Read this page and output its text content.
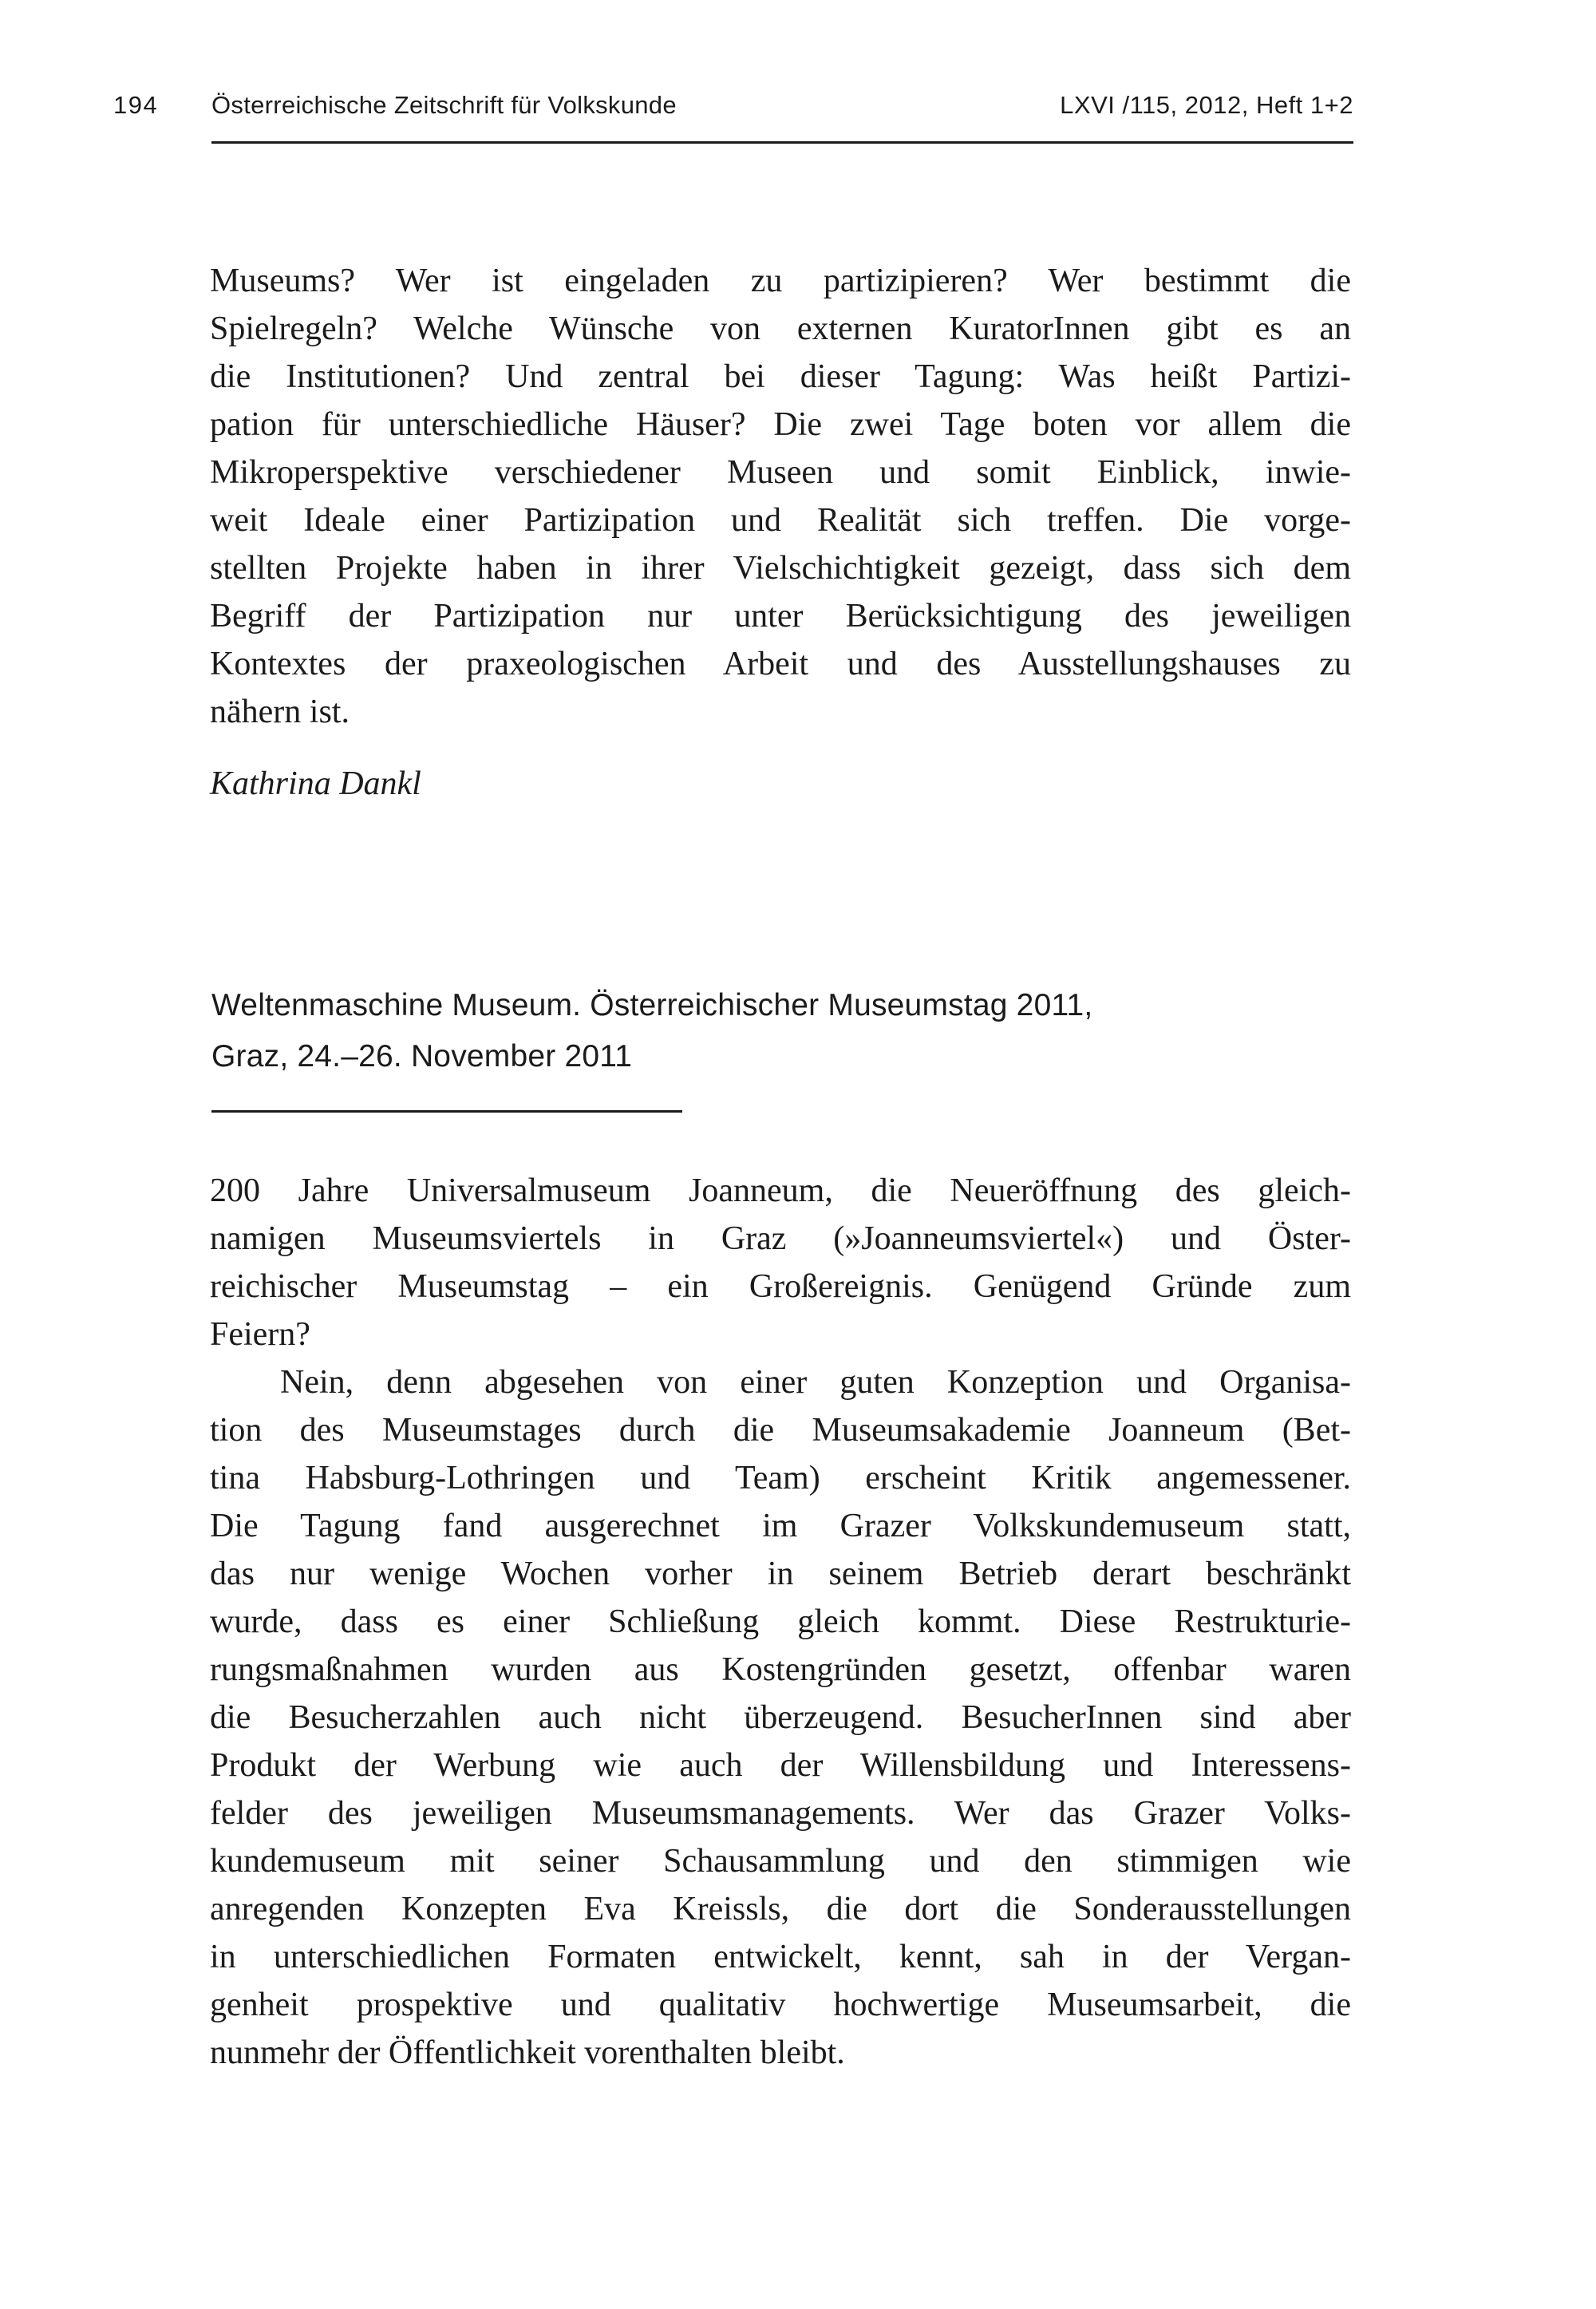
194 Österreichische Zeitschrift für Volkskunde	LXVI /115, 2012, Heft 1+2
Museums? Wer ist eingeladen zu partizipieren? Wer bestimmt die
Spielregeln? Welche Wünsche von externen KuratorInnen gibt es an
die Institutionen? Und zentral bei dieser Tagung: Was heißt Partizi-
pation für unterschiedliche Häuser? Die zwei Tage boten vor allem die
Mikroperspektive verschiedener Museen und somit Einblick, inwie-
weit Ideale einer Partizipation und Realität sich treffen. Die vorge-
stellten Projekte haben in ihrer Vielschichtigkeit gezeigt, dass sich dem
Begriff der Partizipation nur unter Berücksichtigung des jeweiligen
Kontextes der praxeologischen Arbeit und des Ausstellungshauses zu
nähern ist.
Kathrina Dankl
Weltenmaschine Museum. Österreichischer Museumstag 2011,
Graz, 24.–26. November 2011
200 Jahre Universalmuseum Joanneum, die Neueröffnung des gleich-
namigen Museumsviertels in Graz (»Joanneumsviertel«) und Öster-
reichischer Museumstag – ein Großereignis. Genügend Gründe zum
Feiern?
Nein, denn abgesehen von einer guten Konzeption und Organisa-
tion des Museumstages durch die Museumsakademie Joanneum (Bet-
tina Habsburg-Lothringen und Team) erscheint Kritik angemessener.
Die Tagung fand ausgerechnet im Grazer Volkskundemuseum statt,
das nur wenige Wochen vorher in seinem Betrieb derart beschränkt
wurde, dass es einer Schließung gleich kommt. Diese Restrukturie-
rungsmaßnahmen wurden aus Kostengründen gesetzt, offenbar waren
die Besucherzahlen auch nicht überzeugend. BesucherInnen sind aber
Produkt der Werbung wie auch der Willensbildung und Interessens-
felder des jeweiligen Museumsmanagements. Wer das Grazer Volks-
kundemuseum mit seiner Schausammlung und den stimmigen wie
anregenden Konzepten Eva Kreissls, die dort die Sonderausstellungen
in unterschiedlichen Formaten entwickelt, kennt, sah in der Vergan-
genheit prospektive und qualitativ hochwertige Museumsarbeit, die
nunmehr der Öffentlichkeit vorenthalten bleibt.
